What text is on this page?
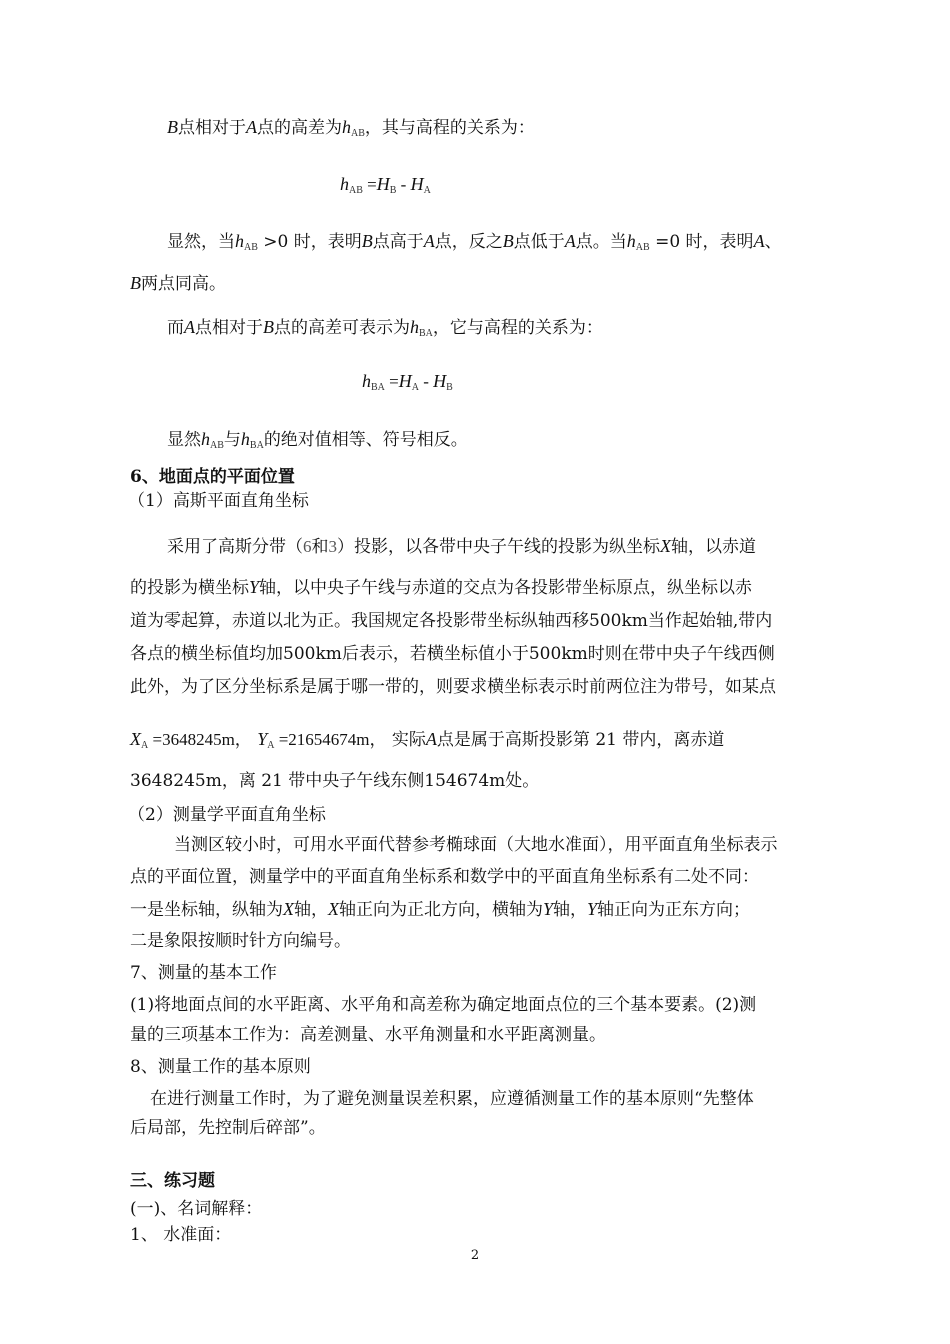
B点相对于A点的高差为$h_{AB}$，其与高程的关系为：
$h_{AB} =H_B - H_A$
显然，当$h_{AB} >0$ 时，表明B点高于A点，反之B点低于A点。当$h_{AB} =0$ 时，表明A、
B两点同高。
而A点相对于B点的高差可表示为$h_{BA}$，它与高程的关系为：
$h_{BA} =H_A - H_B$
显然$h_{AB}$与$h_{BA}$的绝对值相等、符号相反。
6、地面点的平面位置
（1）高斯平面直角坐标
采用了高斯分带（6和3）投影，以各带中央子午线的投影为纵坐标X轴，以赤道
的投影为横坐标Y轴，以中央子午线与赤道的交点为各投影带坐标原点，纵坐标以赤
道为零起算，赤道以北为正。我国规定各投影带坐标纵轴西移500km当作起始轴,带内
各点的横坐标值均加500km后表示，若横坐标值小于500km时则在带中央子午线西侧
此外，为了区分坐标系是属于哪一带的，则要求横坐标表示时前两位注为带号，如某点
$X_A =3648245m$， $Y_A =21654674m$， 实际A点是属于高斯投影第 21 带内，离赤道
3648245m，离 21 带中央子午线东侧154674m处。
（2）测量学平面直角坐标
当测区较小时，可用水平面代替参考椭球面（大地水准面），用平面直角坐标表示
点的平面位置，测量学中的平面直角坐标系和数学中的平面直角坐标系有二处不同：
一是坐标轴，纵轴为X轴，X轴正向为正北方向，横轴为Y轴，Y轴正向为正东方向；
二是象限按顺时针方向编号。
7、测量的基本工作
(1)将地面点间的水平距离、水平角和高差称为确定地面点位的三个基本要素。(2)测
量的三项基本工作为：高差测量、水平角测量和水平距离测量。
8、测量工作的基本原则
在进行测量工作时，为了避免测量误差积累，应遵循测量工作的基本原则“先整体
后局部，先控制后碎部”。
三、练习题
(一)、名词解释：
1、 水准面：
2
